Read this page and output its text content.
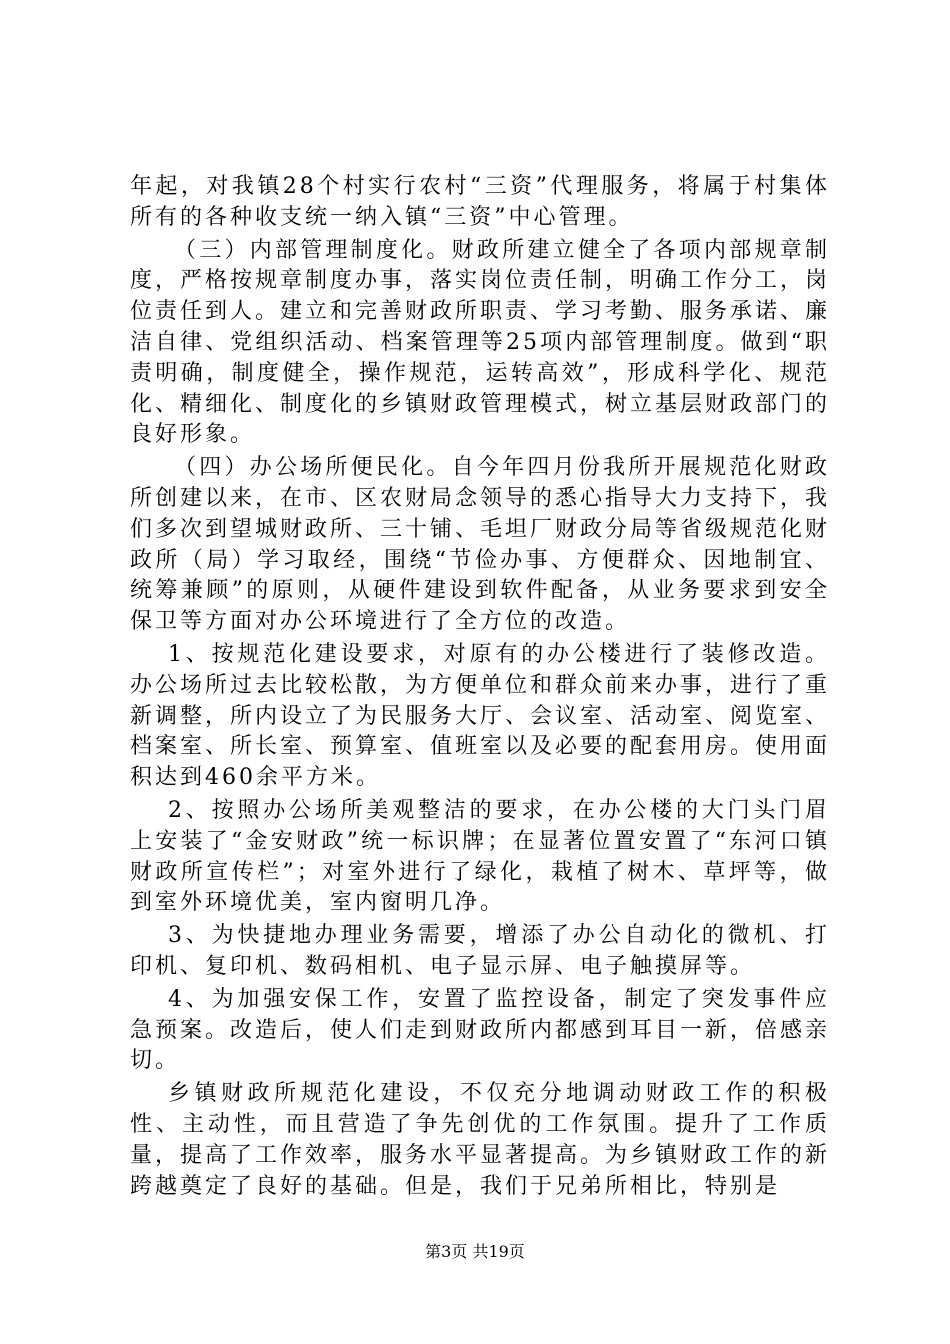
年起，对我镇28个村实行农村“三资”代理服务，将属于村集体所有的各种收支统一纳入镇“三资”中心管理。

（三）内部管理制度化。财政所建立健全了各项内部规章制度，严格按规章制度办事，落实岗位责任制，明确工作分工，岗位责任到人。建立和完善财政所职责、学习考勤、服务承诺、廉洁自律、党组织活动、档案管理等25项内部管理制度。做到“职责明确，制度健全，操作规范，运转高效”，形成科学化、规范化、精细化、制度化的乡镇财政管理模式，树立基层财政部门的良好形象。

（四）办公场所便民化。自今年四月份我所开展规范化财政所创建以来，在市、区农财局念领导的悉心指导大力支持下，我们多次到望城财政所、三十铺、毛坦厂财政分局等省级规范化财政所（局）学习取经，围绕“节俭办事、方便群众、因地制宜、统筹兼顾”的原则，从硬件建设到软件配备，从业务要求到安全保卫等方面对办公环境进行了全方位的改造。

1、按规范化建设要求，对原有的办公楼进行了装修改造。办公场所过去比较松散，为方便单位和群众前来办事，进行了重新调整，所内设立了为民服务大厅、会议室、活动室、阅览室、档案室、所长室、预算室、值班室以及必要的配套用房。使用面积达到460余平方米。

2、按照办公场所美观整洁的要求，在办公楼的大门头门眉上安装了“金安财政”统一标识牌；在显著位置安置了“东河口镇财政所宣传栏”；对室外进行了绿化，栽植了树木、草坪等，做到室外环境优美，室内窗明几净。

3、为快捷地办理业务需要，增添了办公自动化的微机、打印机、复印机、数码相机、电子显示屏、电子触摸屏等。

4、为加强安保工作，安置了监控设备，制定了突发事件应急预案。改造后，使人们走到财政所内都感到耳目一新，倍感亲切。

乡镇财政所规范化建设，不仅充分地调动财政工作的积极性、主动性，而且营造了争先创优的工作氛围。提升了工作质量，提高了工作效率，服务水平显著提高。为乡镇财政工作的新跨越奠定了良好的基础。但是，我们于兄弟所相比，特别是

第3页 共19页
